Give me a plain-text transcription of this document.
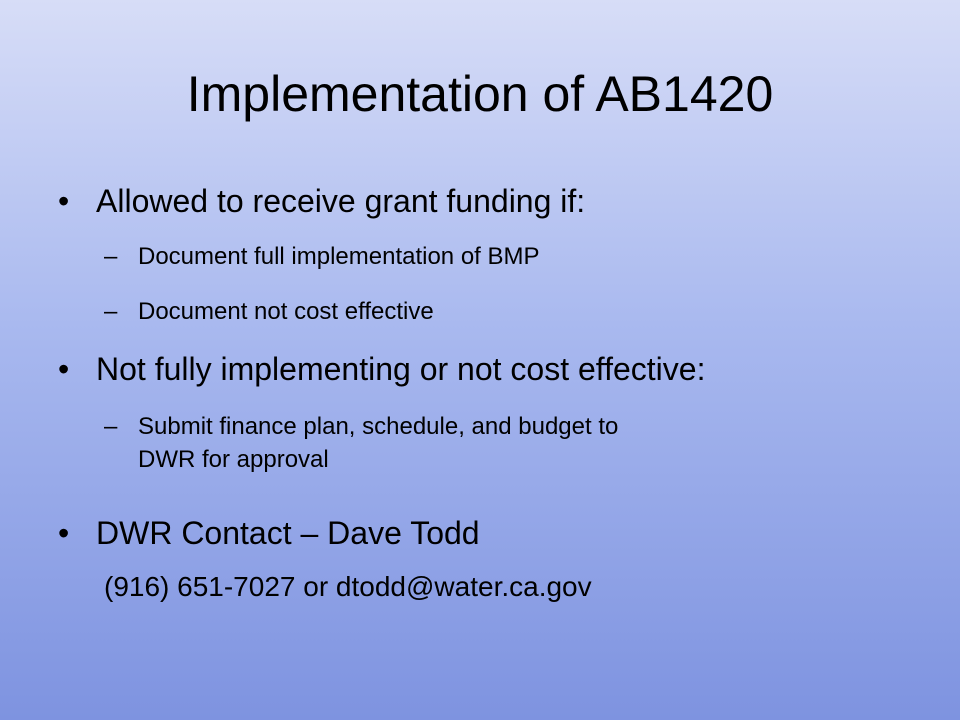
Implementation of AB1420
• Allowed to receive grant funding if:
– Document full implementation of BMP
– Document not cost effective
• Not fully implementing or not cost effective:
– Submit finance plan, schedule, and budget to
DWR for approval
• DWR Contact – Dave Todd
(916) 651-7027 or dtodd@water.ca.gov
